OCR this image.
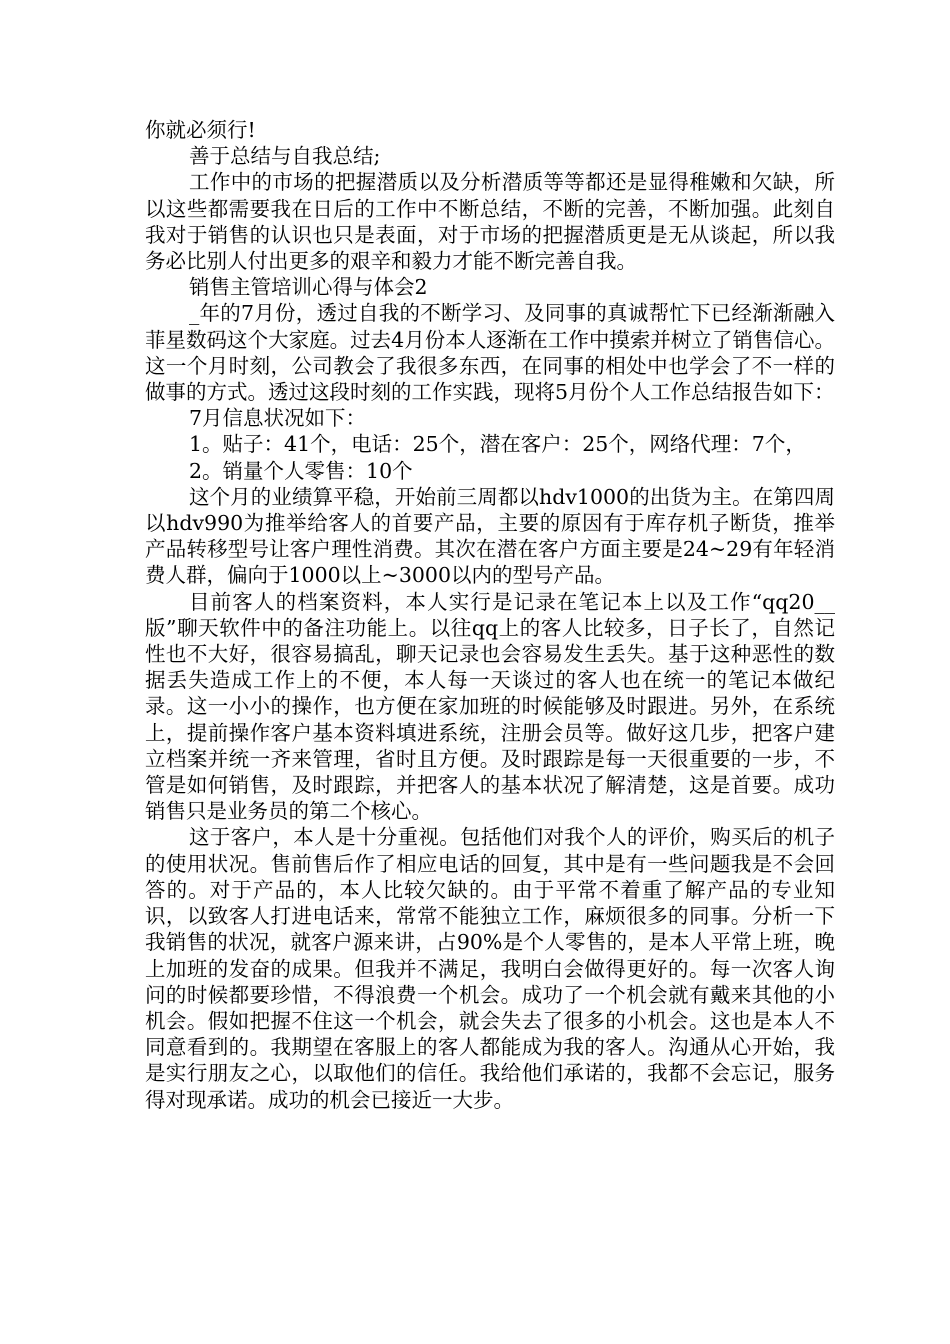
你就必须行!

善于总结与自我总结;

工作中的市场的把握潜质以及分析潜质等等都还是显得稚嫩和欠缺，所以这些都需要我在日后的工作中不断总结，不断的完善，不断加强。此刻自我对于销售的认识也只是表面，对于市场的把握潜质更是无从谈起，所以我务必比别人付出更多的艰辛和毅力才能不断完善自我。

销售主管培训心得与体会2

_年的7月份，透过自我的不断学习、及同事的真诚帮忙下已经渐渐融入菲星数码这个大家庭。过去4月份本人逐渐在工作中摸索并树立了销售信心。这一个月时刻，公司教会了我很多东西，在同事的相处中也学会了不一样的做事的方式。透过这段时刻的工作实践，现将5月份个人工作总结报告如下：

7月信息状况如下：

1。贴子：41个，电话：25个，潜在客户：25个，网络代理：7个，

2。销量个人零售：10个

这个月的业绩算平稳，开始前三周都以hdv1000的出货为主。在第四周以hdv990为推举给客人的首要产品，主要的原因有于库存机子断货，推举产品转移型号让客户理性消费。其次在潜在客户方面主要是24~29有年轻消费人群，偏向于1000以上~3000以内的型号产品。

目前客人的档案资料，本人实行是记录在笔记本上以及工作“qq20__版”聊天软件中的备注功能上。以往qq上的客人比较多，日子长了，自然记性也不大好，很容易搞乱，聊天记录也会容易发生丢失。基于这种恶性的数据丢失造成工作上的不便，本人每一天谈过的客人也在统一的笔记本做纪录。这一小小的操作，也方便在家加班的时候能够及时跟进。另外，在系统上，提前操作客户基本资料填进系统，注册会员等。做好这几步，把客户建立档案并统一齐来管理，省时且方便。及时跟踪是每一天很重要的一步，不管是如何销售，及时跟踪，并把客人的基本状况了解清楚，这是首要。成功销售只是业务员的第二个核心。

这于客户，本人是十分重视。包括他们对我个人的评价，购买后的机子的使用状况。售前售后作了相应电话的回复，其中是有一些问题我是不会回答的。对于产品的，本人比较欠缺的。由于平常不着重了解产品的专业知识，以致客人打进电话来，常常不能独立工作，麻烦很多的同事。分析一下我销售的状况，就客户源来讲，占90%是个人零售的，是本人平常上班，晚上加班的发奋的成果。但我并不满足，我明白会做得更好的。每一次客人询问的时候都要珍惜，不得浪费一个机会。成功了一个机会就有戴来其他的小机会。假如把握不住这一个机会，就会失去了很多的小机会。这也是本人不同意看到的。我期望在客服上的客人都能成为我的客人。沟通从心开始，我是实行朋友之心，以取他们的信任。我给他们承诺的，我都不会忘记，服务得对现承诺。成功的机会已接近一大步。
